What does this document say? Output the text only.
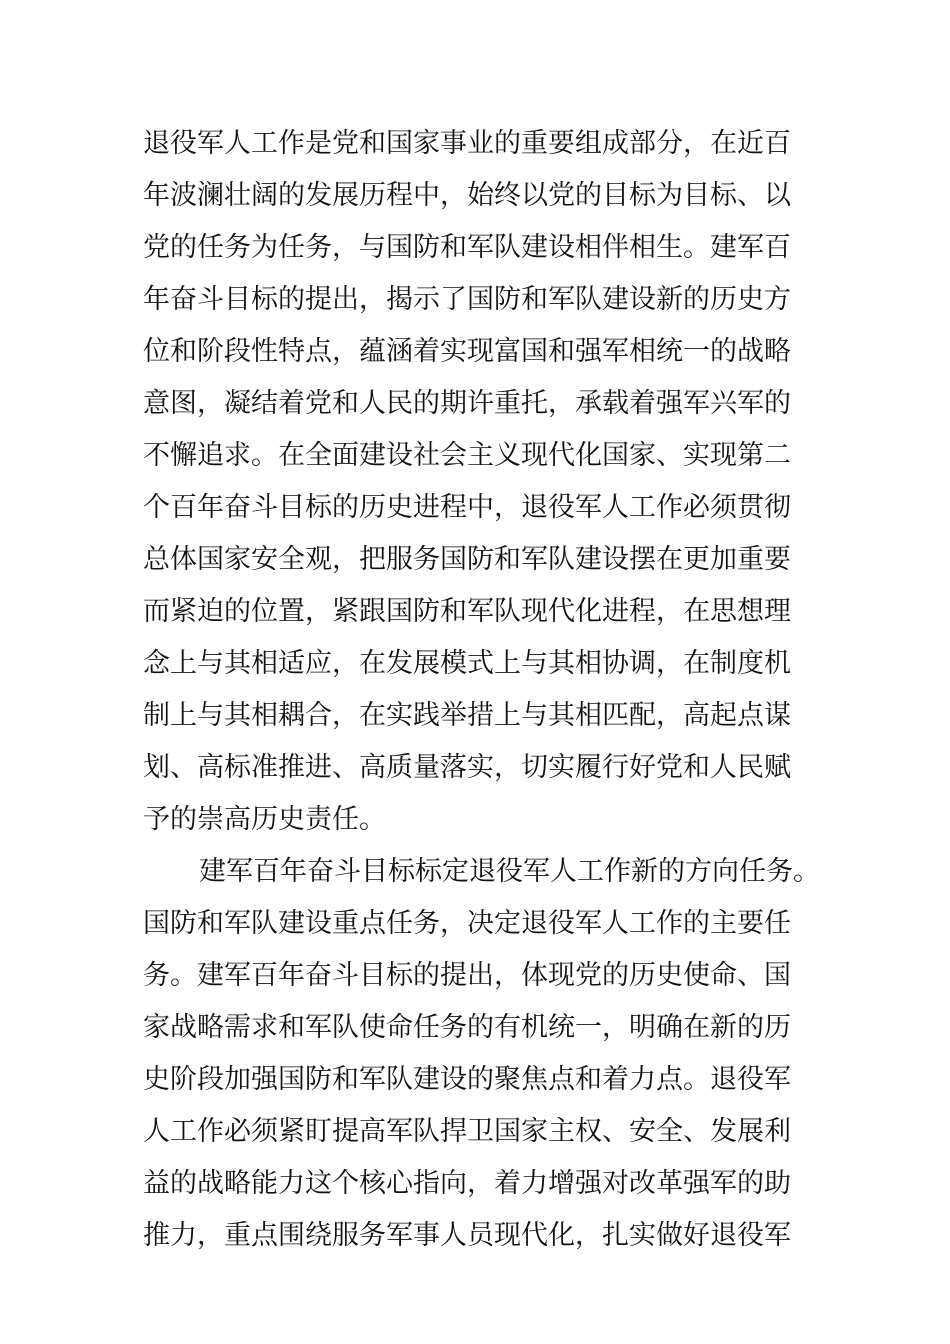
退役军人工作是党和国家事业的重要组成部分，在近百
年波澜壮阔的发展历程中，始终以党的目标为目标、以
党的任务为任务，与国防和军队建设相伴相生。建军百
年奋斗目标的提出，揭示了国防和军队建设新的历史方
位和阶段性特点，蕴涵着实现富国和强军相统一的战略
意图，凝结着党和人民的期许重托，承载着强军兴军的
不懈追求。在全面建设社会主义现代化国家、实现第二
个百年奋斗目标的历史进程中，退役军人工作必须贯彻
总体国家安全观，把服务国防和军队建设摆在更加重要
而紧迫的位置，紧跟国防和军队现代化进程，在思想理
念上与其相适应，在发展模式上与其相协调，在制度机
制上与其相耦合，在实践举措上与其相匹配，高起点谋
划、高标准推进、高质量落实，切实履行好党和人民赋
予的崇高历史责任。
建军百年奋斗目标标定退役军人工作新的方向任务。
国防和军队建设重点任务，决定退役军人工作的主要任
务。建军百年奋斗目标的提出，体现党的历史使命、国
家战略需求和军队使命任务的有机统一，明确在新的历
史阶段加强国防和军队建设的聚焦点和着力点。退役军
人工作必须紧盯提高军队捍卫国家主权、安全、发展利
益的战略能力这个核心指向，着力增强对改革强军的助
推力，重点围绕服务军事人员现代化，扎实做好退役军
